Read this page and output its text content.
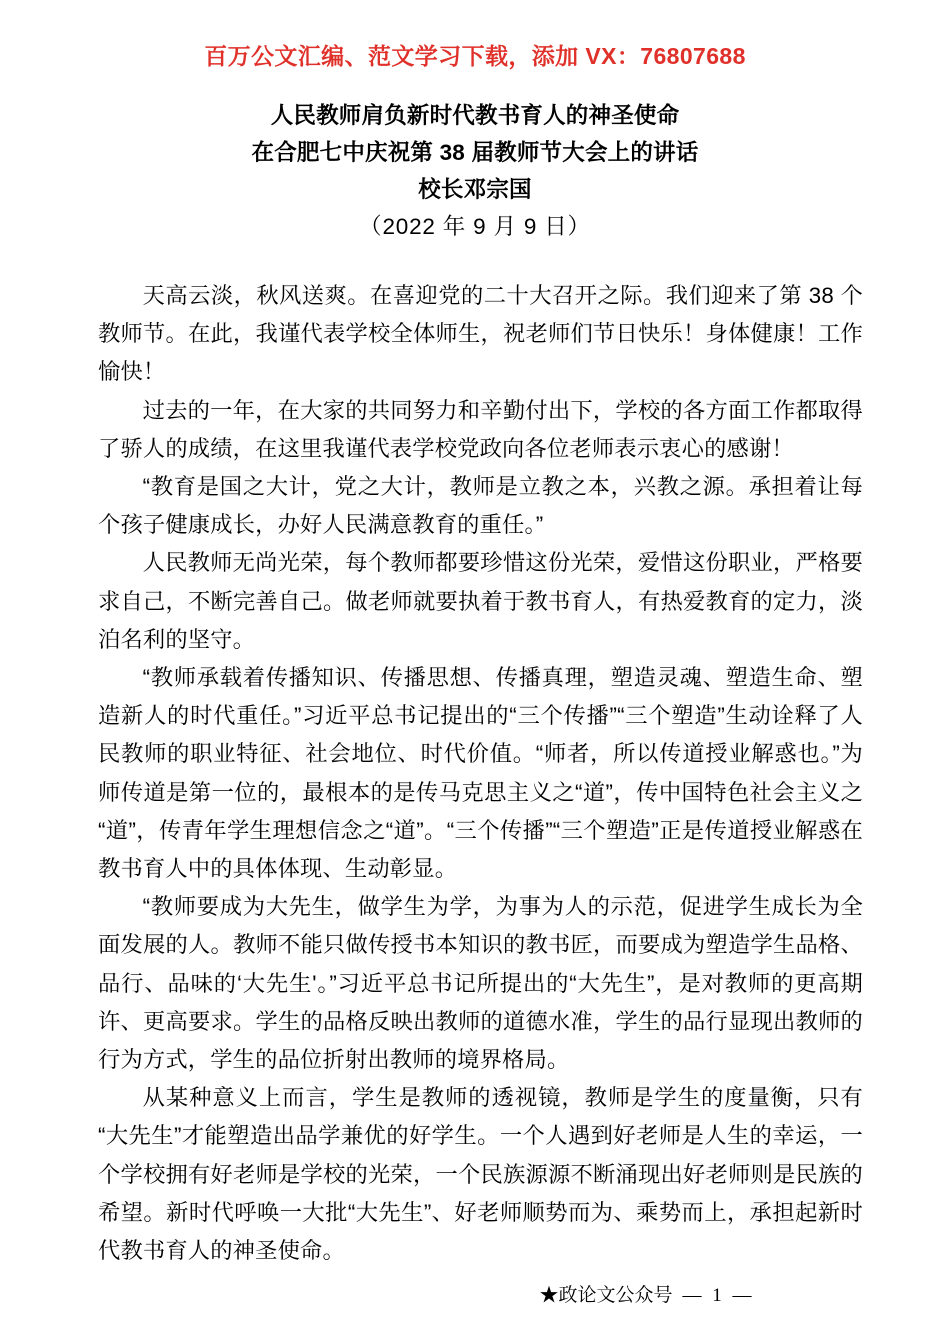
百万公文汇编、范文学习下载，添加 VX：76807688
人民教师肩负新时代教书育人的神圣使命
在合肥七中庆祝第 38 届教师节大会上的讲话
校长邓宗国
（2022 年 9 月 9 日）

天高云淡，秋风送爽。在喜迎党的二十大召开之际。我们迎来了第 38 个教师节。在此，我谨代表学校全体师生，祝老师们节日快乐！身体健康！工作愉快！

过去的一年，在大家的共同努力和辛勤付出下，学校的各方面工作都取得了骄人的成绩，在这里我谨代表学校党政向各位老师表示衷心的感谢！

“教育是国之大计，党之大计，教师是立教之本，兴教之源。承担着让每个孩子健康成长，办好人民满意教育的重任。”

人民教师无尚光荣，每个教师都要珍惜这份光荣，爱惜这份职业，严格要求自己，不断完善自己。做老师就要执着于教书育人，有热爱教育的定力，淡泊名利的坚守。

“教师承载着传播知识、传播思想、传播真理，塑造灵魂、塑造生命、塑造新人的时代重任。”习近平总书记提出的“三个传播”“三个塑造”生动诠释了人民教师的职业特征、社会地位、时代价值。“师者，所以传道授业解惑也。”为师传道是第一位的，最根本的是传马克思主义之“道”，传中国特色社会主义之“道”，传青年学生理想信念之“道”。“三个传播”“三个塑造”正是传道授业解惑在教书育人中的具体体现、生动彰显。

“教师要成为大先生，做学生为学，为事为人的示范，促进学生成长为全面发展的人。教师不能只做传授书本知识的教书匠，而要成为塑造学生品格、品行、品味的‘大先生'。”习近平总书记所提出的“大先生”，是对教师的更高期许、更高要求。学生的品格反映出教师的道德水准，学生的品行显现出教师的行为方式，学生的品位折射出教师的境界格局。

从某种意义上而言，学生是教师的透视镜，教师是学生的度量衡，只有“大先生”才能塑造出品学兼优的好学生。一个人遇到好老师是人生的幸运，一个学校拥有好老师是学校的光荣，一个民族源源不断涌现出好老师则是民族的希望。新时代呼唤一大批“大先生”、好老师顺势而为、乘势而上，承担起新时代教书育人的神圣使命。

★政论文公众号 — 1 —
